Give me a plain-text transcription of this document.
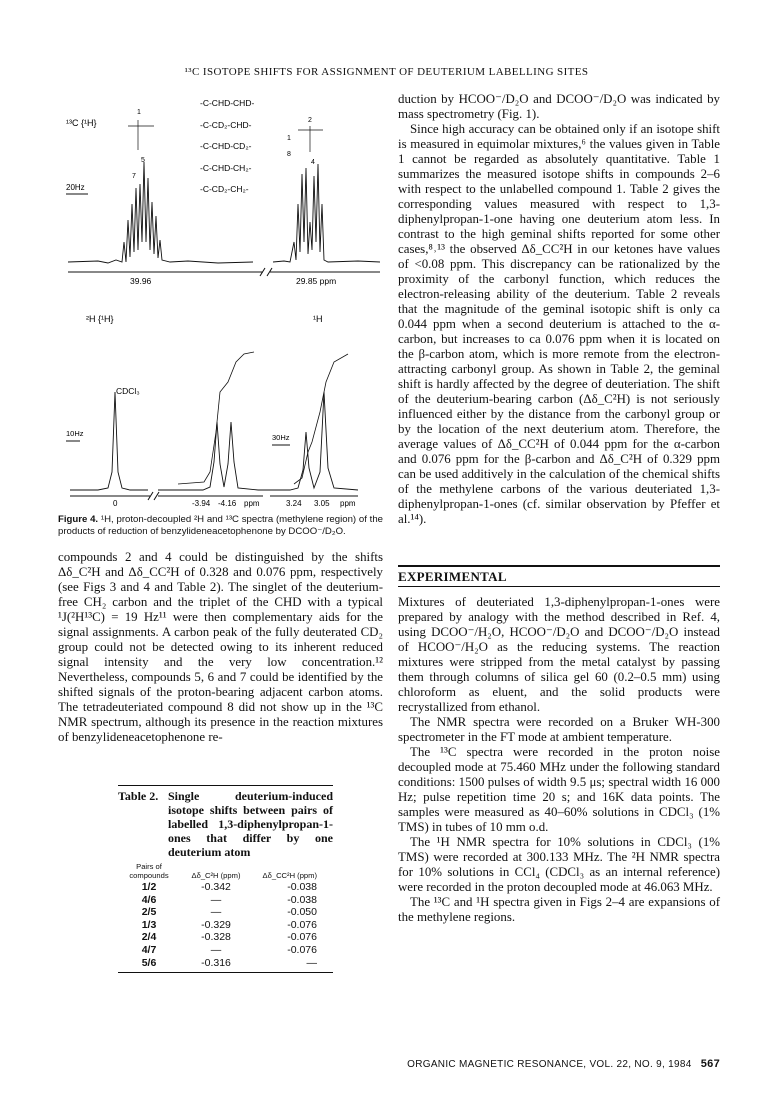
¹³C ISOTOPE SHIFTS FOR ASSIGNMENT OF DEUTERIUM LABELLING SITES
¹³C {¹H}
-C-CHD-CHD-
-C-CD₂-CHD-
-C-CHD-CD₂-
-C-CHD-CH₂-
-C-CD₂-CH₂-
20Hz
1
5
7
1
2
8
4
39.96	29.85 ppm
²H {¹H}	¹H
CDCl₃
10Hz	30Hz
0	-3.94 -4.16 ppm	3.24 3.05 ppm
Figure 4. ¹H, proton-decoupled ²H and ¹³C spectra (methylene region) of the products of reduction of benzylideneacetophenone by DCOO⁻/D₂O.

compounds 2 and 4 could be distinguished by the shifts Δδ_C²H and Δδ_CC²H of 0.328 and 0.076 ppm, respectively (see Figs 3 and 4 and Table 2). The singlet of the deuterium-free CH₂ carbon and the triplet of the CHD with a typical ¹J(²H¹³C) = 19 Hz¹¹ were then complementary aids for the signal assignments. A carbon peak of the fully deuterated CD₂ group could not be detected owing to its inherent reduced signal intensity and the very low concentration.¹² Nevertheless, compounds 5, 6 and 7 could be identified by the shifted signals of the proton-bearing adjacent carbon atoms. The tetradeuteriated compound 8 did not show up in the ¹³C NMR spectrum, although its presence in the reaction mixtures of benzylideneacetophenone re-

Table 2. Single deuterium-induced isotope shifts between pairs of labelled 1,3-diphenylpropan-1-ones that differ by one deuterium atom
Pairs of compounds	Δδ_C²H (ppm)	Δδ_CC²H (ppm)
1/2	-0.342	-0.038
4/6	—	-0.038
2/5	—	-0.050
1/3	-0.329	-0.076
2/4	-0.328	-0.076
4/7	—	-0.076
5/6	-0.316	—

duction by HCOO⁻/D₂O and DCOO⁻/D₂O was indicated by mass spectrometry (Fig. 1).

Since high accuracy can be obtained only if an isotope shift is measured in equimolar mixtures,⁶ the values given in Table 1 cannot be regarded as absolutely quantitative. Table 1 summarizes the measured isotope shifts in compounds 2–6 with respect to the unlabelled compound 1. Table 2 gives the corresponding values measured with respect to 1,3-diphenylpropan-1-one having one deuterium atom less. In contrast to the high geminal shifts reported for some other cases,⁸˒¹³ the observed Δδ_CC²H in our ketones have values of <0.08 ppm. This discrepancy can be rationalized by the proximity of the carbonyl function, which reduces the electron-releasing ability of the deuterium. Table 2 reveals that the magnitude of the geminal isotopic shift is only ca 0.044 ppm when a second deuterium is attached to the α-carbon, but increases to ca 0.076 ppm when it is located on the β-carbon atom, which is more remote from the electron-attracting carbonyl group. As shown in Table 2, the geminal shift is hardly affected by the degree of deuteriation. The shift of the deuterium-bearing carbon (Δδ_C²H) is not seriously influenced either by the distance from the carbonyl group or by the location of the next deuterium atom. Therefore, the average values of Δδ_CC²H of 0.044 ppm for the α-carbon and 0.076 ppm for the β-carbon and Δδ_C²H of 0.329 ppm can be used additively in the calculation of the chemical shifts of the methylene carbons of the various deuteriated 1,3-diphenylpropan-1-ones (cf. similar observation by Pfeffer et al.¹⁴).

EXPERIMENTAL

Mixtures of deuteriated 1,3-diphenylpropan-1-ones were prepared by analogy with the method described in Ref. 4, using DCOO⁻/H₂O, HCOO⁻/D₂O and DCOO⁻/D₂O instead of HCOO⁻/H₂O as the reducing systems. The reaction mixtures were stripped from the metal catalyst by passing them through columns of silica gel 60 (0.2–0.5 mm) using chloroform as eluent, and the solid products were recrystallized from ethanol.

The NMR spectra were recorded on a Bruker WH-300 spectrometer in the FT mode at ambient temperature.

The ¹³C spectra were recorded in the proton noise decoupled mode at 75.460 MHz under the following standard conditions: 1500 pulses of width 9.5 μs; spectral width 16 000 Hz; pulse repetition time 20 s; and 16K data points. The samples were measured as 40–60% solutions in CDCl₃ (1% TMS) in tubes of 10 mm o.d.

The ¹H NMR spectra for 10% solutions in CDCl₃ (1% TMS) were recorded at 300.133 MHz. The ²H NMR spectra for 10% solutions in CCl₄ (CDCl₃ as an internal reference) were recorded in the proton decoupled mode at 46.063 MHz.

The ¹³C and ¹H spectra given in Figs 2–4 are expansions of the methylene regions.

ORGANIC MAGNETIC RESONANCE, VOL. 22, NO. 9, 1984 567
